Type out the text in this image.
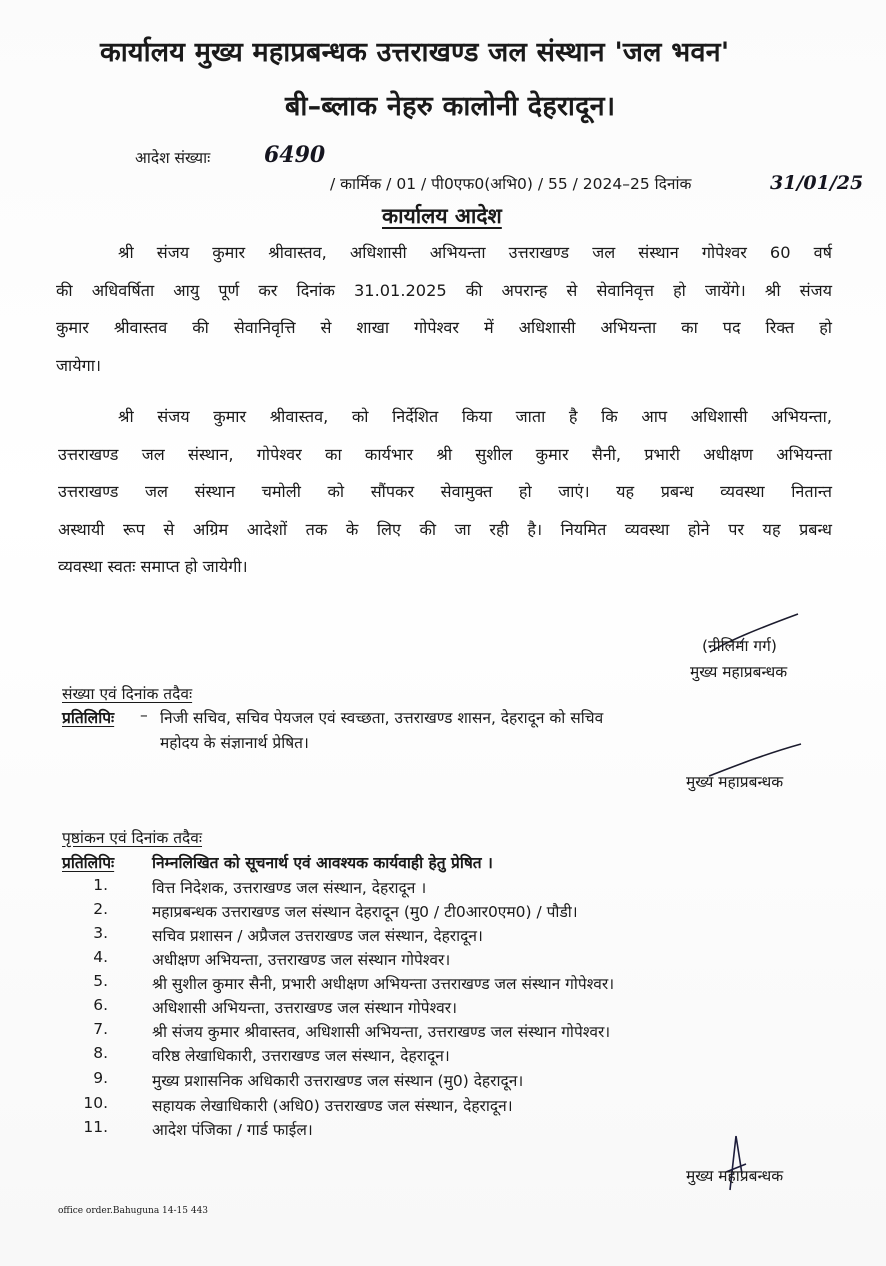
कार्यालय मुख्य महाप्रबन्धक उत्तराखण्ड जल संस्थान 'जल भवन'
बी–ब्लाक नेहरु कालोनी देहरादून।
आदेश संख्याः 6490
/ कार्मिक / 01 / पी0एफ0(अभि0) / 55 / 2024–25 दिनांक	31/01/25
कार्यालय आदेश
श्री संजय कुमार श्रीवास्तव, अधिशासी अभियन्ता उत्तराखण्ड जल संस्थान गोपेश्वर 60 वर्ष
की अधिवर्षिता आयु पूर्ण कर दिनांक 31.01.2025 की अपरान्ह से सेवानिवृत्त हो जायेंगे। श्री संजय
कुमार श्रीवास्तव की सेवानिवृत्ति से शाखा गोपेश्वर में अधिशासी अभियन्ता का पद रिक्त हो
जायेगा।
श्री संजय कुमार श्रीवास्तव, को निर्देशित किया जाता है कि आप अधिशासी अभियन्ता,
उत्तराखण्ड जल संस्थान, गोपेश्वर का कार्यभार श्री सुशील कुमार सैनी, प्रभारी अधीक्षण अभियन्ता
उत्तराखण्ड जल संस्थान चमोली को सौंपकर सेवामुक्त हो जाएं। यह प्रबन्ध व्यवस्था नितान्त
अस्थायी रूप से अग्रिम आदेशों तक के लिए की जा रही है। नियमित व्यवस्था होने पर यह प्रबन्ध
व्यवस्था स्वतः समाप्त हो जायेगी।
(नीलिमा गर्ग)
मुख्य महाप्रबन्धक
संख्या एवं दिनांक तदैवः
प्रतिलिपिः – निजी सचिव, सचिव पेयजल एवं स्वच्छता, उत्तराखण्ड शासन, देहरादून को सचिव
महोदय के संज्ञानार्थ प्रेषित।
मुख्य महाप्रबन्धक
पृष्ठांकन एवं दिनांक तदैवः
प्रतिलिपिः निम्नलिखित को सूचनार्थ एवं आवश्यक कार्यवाही हेतु प्रेषित ।
1.	वित्त निदेशक, उत्तराखण्ड जल संस्थान, देहरादून ।
2.	महाप्रबन्धक उत्तराखण्ड जल संस्थान देहरादून (मु0 / टी0आर0एम0) / पौडी।
3.	सचिव प्रशासन / अप्रैजल उत्तराखण्ड जल संस्थान, देहरादून।
4.	अधीक्षण अभियन्ता, उत्तराखण्ड जल संस्थान गोपेश्वर।
5.	श्री सुशील कुमार सैनी, प्रभारी अधीक्षण अभियन्ता उत्तराखण्ड जल संस्थान गोपेश्वर।
6.	अधिशासी अभियन्ता, उत्तराखण्ड जल संस्थान गोपेश्वर।
7.	श्री संजय कुमार श्रीवास्तव, अधिशासी अभियन्ता, उत्तराखण्ड जल संस्थान गोपेश्वर।
8.	वरिष्ठ लेखाधिकारी, उत्तराखण्ड जल संस्थान, देहरादून।
9.	मुख्य प्रशासनिक अधिकारी उत्तराखण्ड जल संस्थान (मु0) देहरादून।
10.	सहायक लेखाधिकारी (अधि0) उत्तराखण्ड जल संस्थान, देहरादून।
11.	आदेश पंजिका / गार्ड फाईल।
मुख्य महाप्रबन्धक
office order.Bahuguna 14-15 443
